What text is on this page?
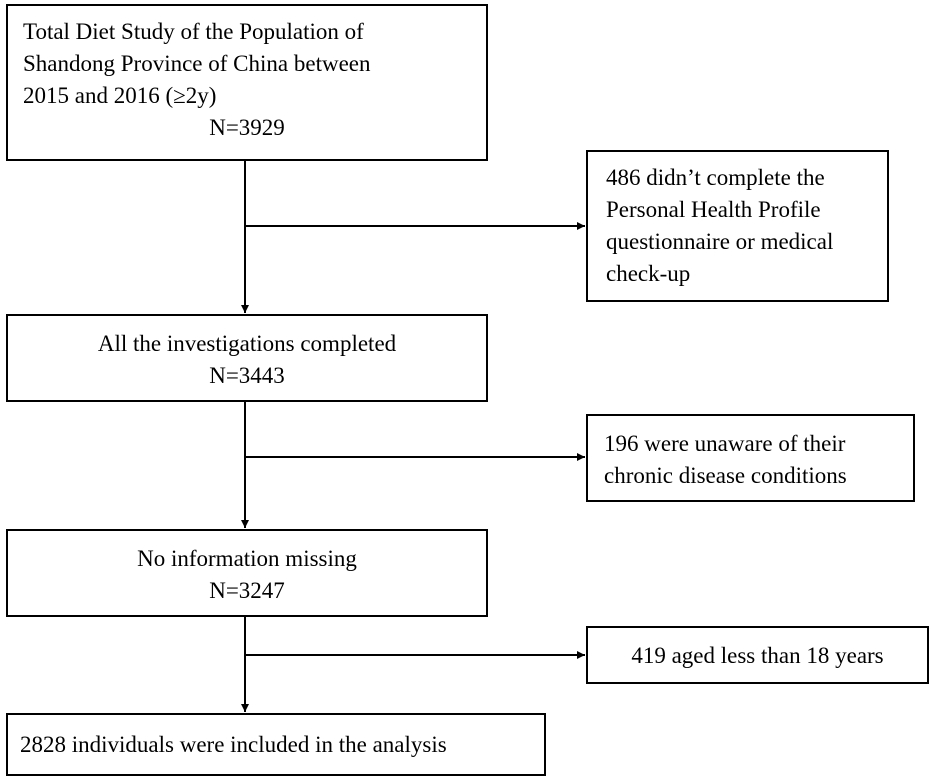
Total Diet Study of the Population of
Shandong Province of China between
2015 and 2016 (≥2y)
N=3929
486 didn’t complete the
Personal Health Profile
questionnaire or medical
check-up
All the investigations completed
N=3443
196 were unaware of their
chronic disease conditions
No information missing
N=3247
419 aged less than 18 years
2828 individuals were included in the analysis
